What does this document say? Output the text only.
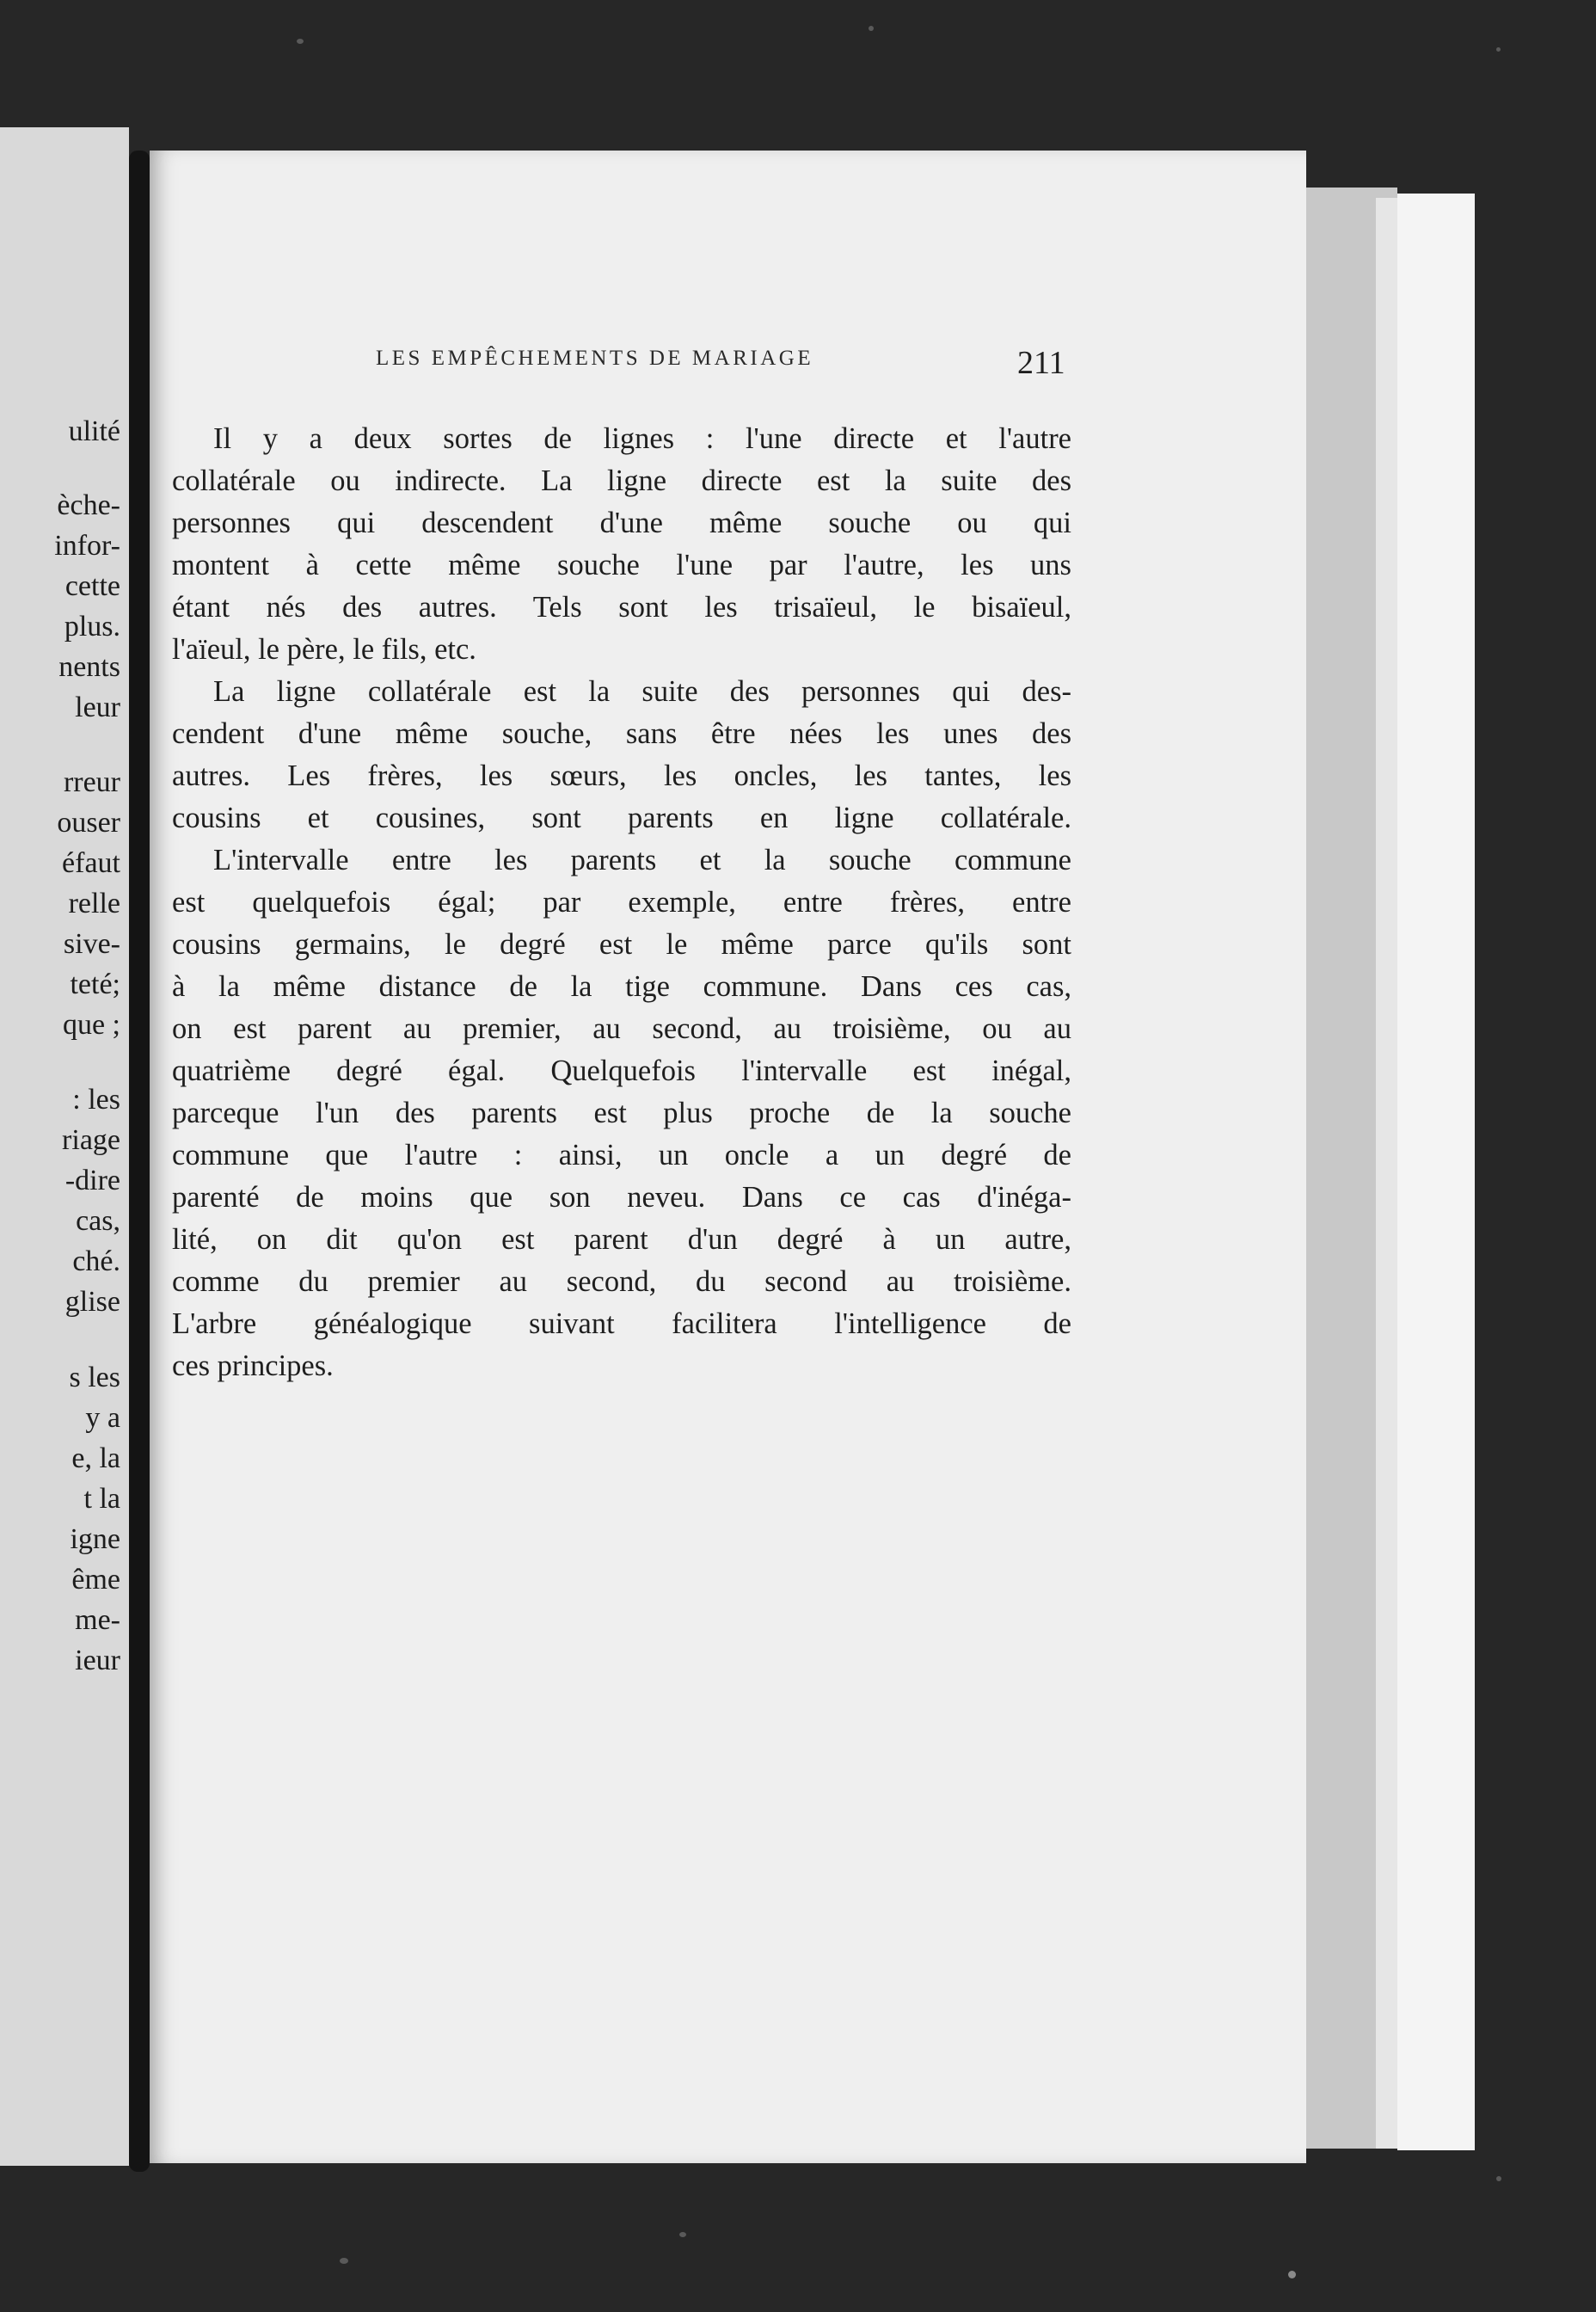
ulité
èche-
infor-
cette
plus.
nents
leur
rreur
ouser
éfaut
relle
sive-
teté;
que ;
: les
riage
-dire
cas,
ché.
glise
s les
y a
e, la
t la
igne
ême
me-
ieur
LES EMPÊCHEMENTS DE MARIAGE	211
Il y a deux sortes de lignes : l'une directe et l'autre
collatérale ou indirecte. La ligne directe est la suite des
personnes qui descendent d'une même souche ou qui
montent à cette même souche l'une par l'autre, les uns
étant nés des autres. Tels sont les trisaïeul, le bisaïeul,
l'aïeul, le père, le fils, etc.
La ligne collatérale est la suite des personnes qui des-
cendent d'une même souche, sans être nées les unes des
autres. Les frères, les sœurs, les oncles, les tantes, les
cousins et cousines, sont parents en ligne collatérale.
L'intervalle entre les parents et la souche commune
est quelquefois égal; par exemple, entre frères, entre
cousins germains, le degré est le même parce qu'ils sont
à la même distance de la tige commune. Dans ces cas,
on est parent au premier, au second, au troisième, ou au
quatrième degré égal. Quelquefois l'intervalle est inégal,
parceque l'un des parents est plus proche de la souche
commune que l'autre : ainsi, un oncle a un degré de
parenté de moins que son neveu. Dans ce cas d'inéga-
lité, on dit qu'on est parent d'un degré à un autre,
comme du premier au second, du second au troisième.
L'arbre généalogique suivant facilitera l'intelligence de
ces principes.
